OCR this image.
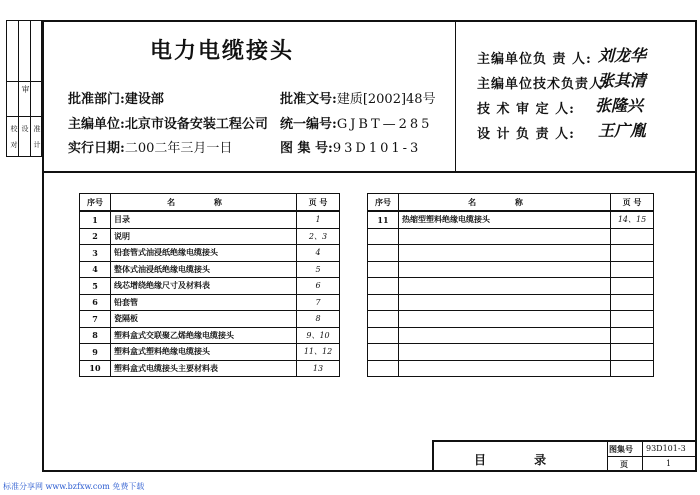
审
校 设 准
对 计
电力电缆接头
批准部门:建设部	批准文号:建质[2002]48号
主编单位:北京市设备安装工程公司 统一编号:GJBT—285
实行日期:二00二年三月一日	图 集 号:93D101-3
主编单位负 责 人: 刘龙华
主编单位技术负责人:
张其清
技 术 审 定 人: 张隆兴
设 计 负 责 人: 王广胤
序号	名 称	页 号
1	目录	1
2	说明	2、3
3	铅套管式油浸纸绝缘电缆接头	4
4	整体式油浸纸绝缘电缆接头	5
5	线芯增绕绝缘尺寸及材料表	6
6	铅套管	7
7	瓷隔板	8
8	塑料盒式交联聚乙烯绝缘电缆接头	9、10
9	塑料盒式塑料绝缘电缆接头	11、12
10	塑料盒式电缆接头主要材料表	13
序号	名 称	页 号
11	热缩型塑料绝缘电缆接头	14、15

目 录
图集号 93D101-3
页	1
标准分享网 www.bzfxw.com 免费下载
